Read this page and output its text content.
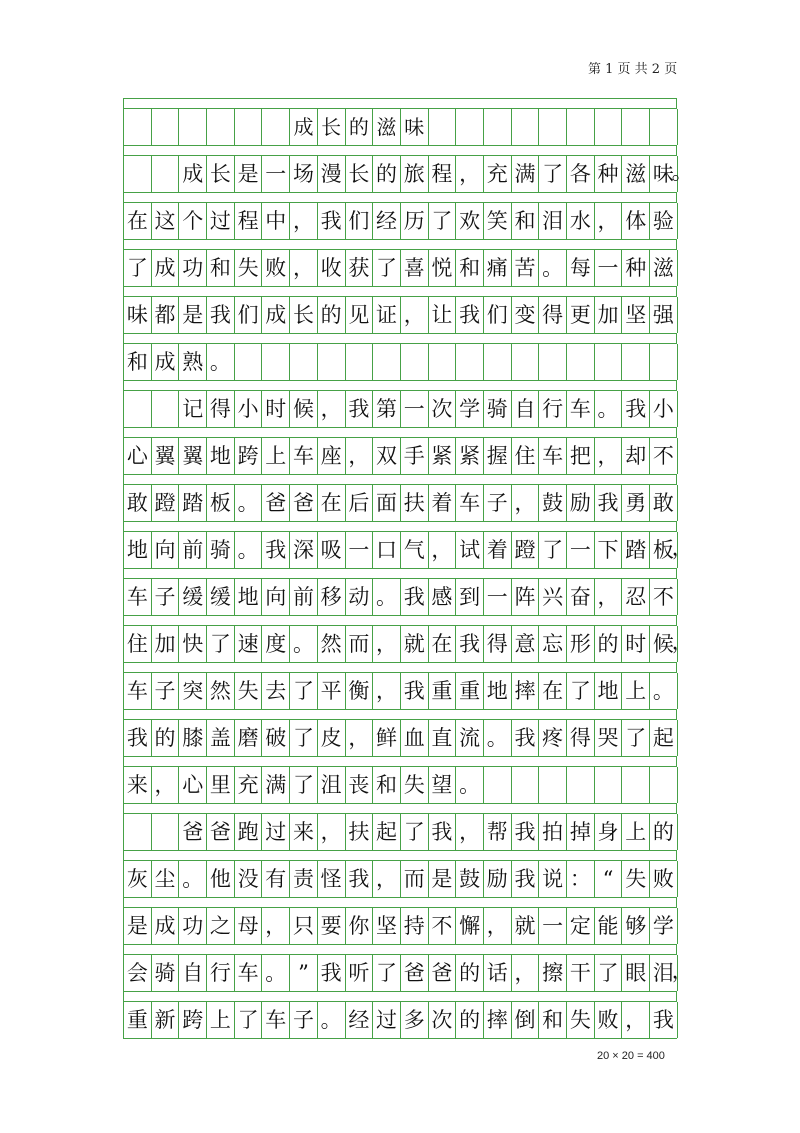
第 1 页 共 2 页
成 长 的 滋 味
成 长 是 一 场 漫 长 的 旅 程 ， 充 满 了 各 种 滋 味
。
在 这 个 过 程 中 ， 我 们 经 历 了 欢 笑 和 泪 水 ， 体 验
了 成 功 和 失 败 ， 收 获 了 喜 悦 和 痛 苦 。 每 一 种 滋
味 都 是 我 们 成 长 的 见 证 ， 让 我 们 变 得 更 加 坚 强
和 成 熟 。
记 得 小 时 候 ， 我 第 一 次 学 骑 自 行 车 。 我 小
心 翼 翼 地 跨 上 车 座 ， 双 手 紧 紧 握 住 车 把 ， 却 不
敢 蹬 踏 板 。 爸 爸 在 后 面 扶 着 车 子 ， 鼓 励 我 勇 敢
地 向 前 骑 。 我 深 吸 一 口 气 ， 试 着 蹬 了 一 下 踏 板
，
车 子 缓 缓 地 向 前 移 动 。 我 感 到 一 阵 兴 奋 ， 忍 不
住 加 快 了 速 度 。 然 而 ， 就 在 我 得 意 忘 形 的 时 候
，
车 子 突 然 失 去 了 平 衡 ， 我 重 重 地 摔 在 了 地 上 。
我 的 膝 盖 磨 破 了 皮 ， 鲜 血 直 流 。 我 疼 得 哭 了 起
来 ， 心 里 充 满 了 沮 丧 和 失 望 。
爸 爸 跑 过 来 ， 扶 起 了 我 ， 帮 我 拍 掉 身 上 的
灰 尘 。 他 没 有 责 怪 我 ， 而 是 鼓 励 我 说 ： “ 失 败
是 成 功 之 母 ， 只 要 你 坚 持 不 懈 ， 就 一 定 能 够 学
会 骑 自 行 车 。 ” 我 听 了 爸 爸 的 话 ， 擦 干 了 眼 泪
，
重 新 跨 上 了 车 子 。 经 过 多 次 的 摔 倒 和 失 败 ， 我
20 × 20 = 400
